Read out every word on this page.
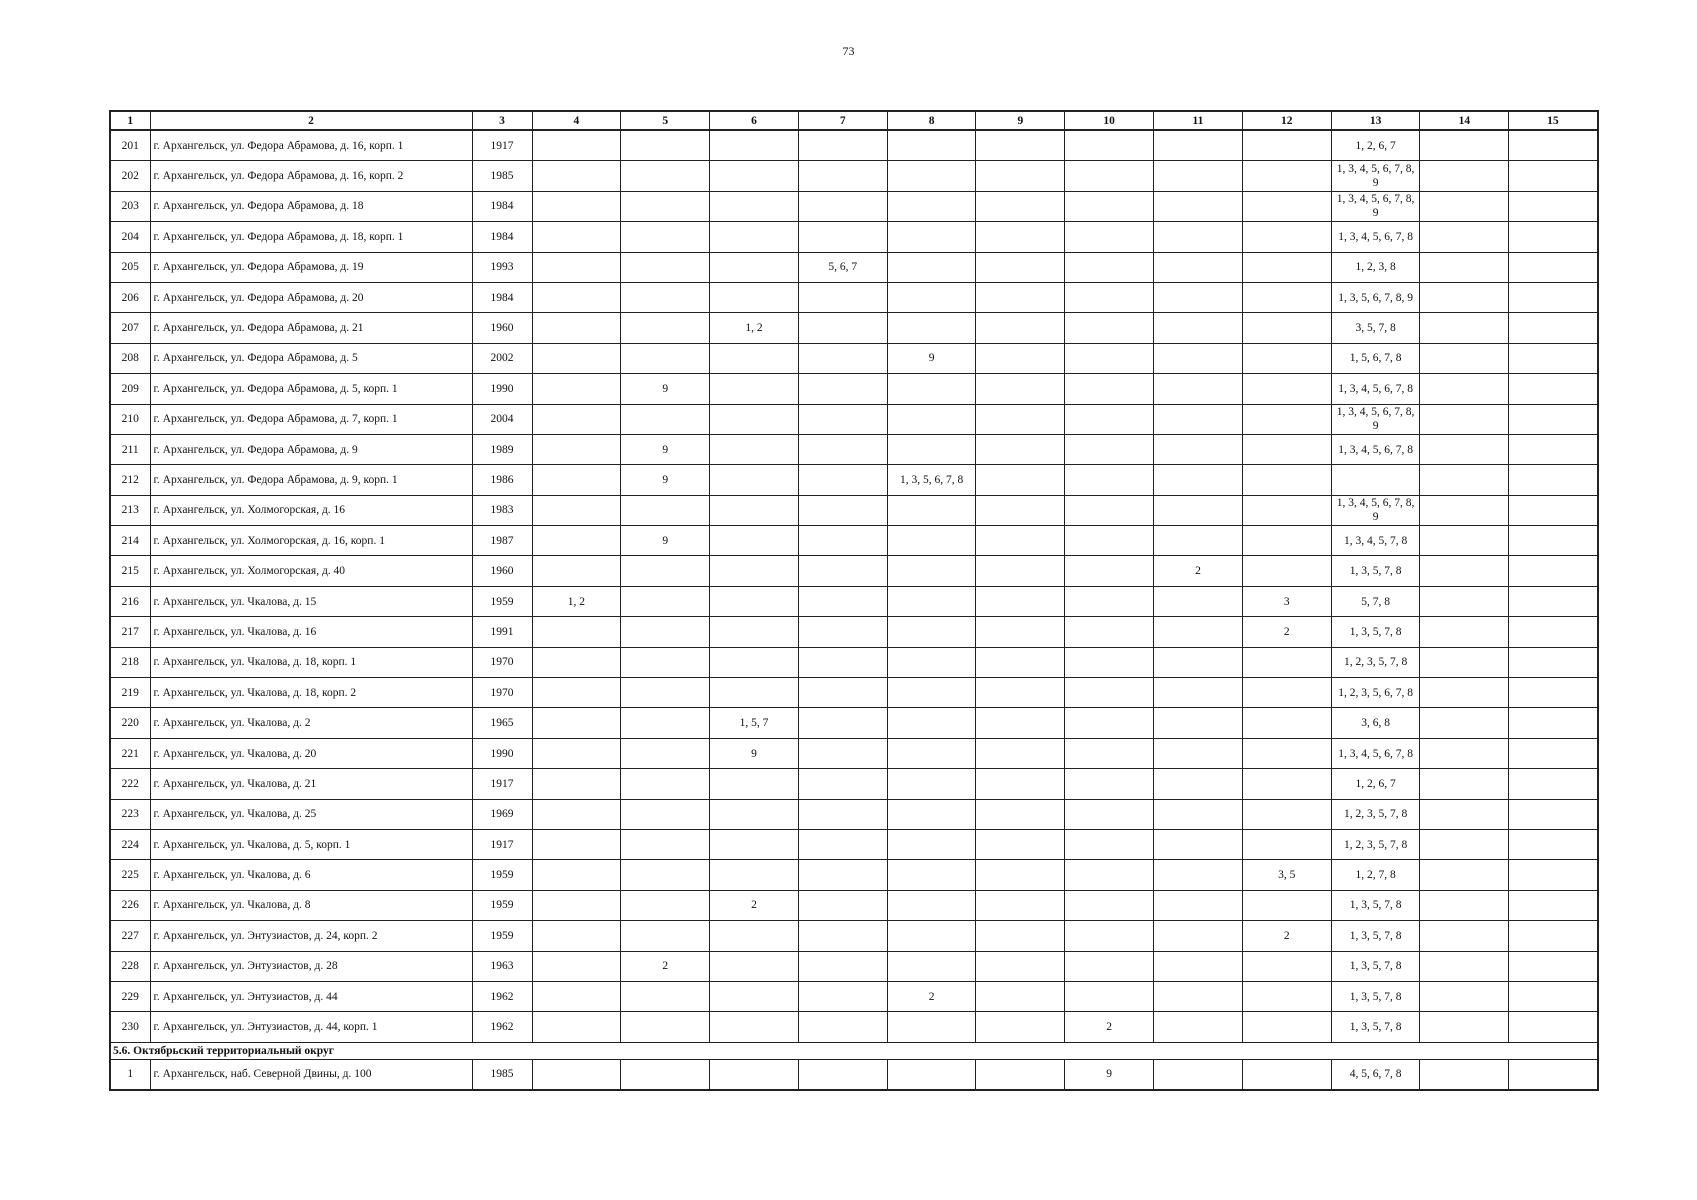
73
1	2	3	4	5	6	7	8	9	10	11	12	13	14	15
201	г. Архангельск, ул. Федора Абрамова, д. 16, корп. 1	1917										1, 2, 6, 7		
202	г. Архангельск, ул. Федора Абрамова, д. 16, корп. 2	1985										1, 3, 4, 5, 6, 7, 8, 9		
203	г. Архангельск, ул. Федора Абрамова, д. 18	1984										1, 3, 4, 5, 6, 7, 8, 9		
204	г. Архангельск, ул. Федора Абрамова, д. 18, корп. 1	1984										1, 3, 4, 5, 6, 7, 8		
205	г. Архангельск, ул. Федора Абрамова, д. 19	1993				5, 6, 7						1, 2, 3, 8		
206	г. Архангельск, ул. Федора Абрамова, д. 20	1984										1, 3, 5, 6, 7, 8, 9		
207	г. Архангельск, ул. Федора Абрамова, д. 21	1960			1, 2							3, 5, 7, 8		
208	г. Архангельск, ул. Федора Абрамова, д. 5	2002					9					1, 5, 6, 7, 8		
209	г. Архангельск, ул. Федора Абрамова, д. 5, корп. 1	1990		9								1, 3, 4, 5, 6, 7, 8		
210	г. Архангельск, ул. Федора Абрамова, д. 7, корп. 1	2004										1, 3, 4, 5, 6, 7, 8, 9		
211	г. Архангельск, ул. Федора Абрамова, д. 9	1989		9								1, 3, 4, 5, 6, 7, 8		
212	г. Архангельск, ул. Федора Абрамова, д. 9, корп. 1	1986		9			1, 3, 5, 6, 7, 8							
213	г. Архангельск, ул. Холмогорская, д. 16	1983										1, 3, 4, 5, 6, 7, 8, 9		
214	г. Архангельск, ул. Холмогорская, д. 16, корп. 1	1987		9								1, 3, 4, 5, 7, 8		
215	г. Архангельск, ул. Холмогорская, д. 40	1960								2		1, 3, 5, 7, 8		
216	г. Архангельск, ул. Чкалова, д. 15	1959	1, 2								3	5, 7, 8		
217	г. Архангельск, ул. Чкалова, д. 16	1991									2	1, 3, 5, 7, 8		
218	г. Архангельск, ул. Чкалова, д. 18, корп. 1	1970										1, 2, 3, 5, 7, 8		
219	г. Архангельск, ул. Чкалова, д. 18, корп. 2	1970										1, 2, 3, 5, 6, 7, 8		
220	г. Архангельск, ул. Чкалова, д. 2	1965			1, 5, 7							3, 6, 8		
221	г. Архангельск, ул. Чкалова, д. 20	1990			9							1, 3, 4, 5, 6, 7, 8		
222	г. Архангельск, ул. Чкалова, д. 21	1917										1, 2, 6, 7		
223	г. Архангельск, ул. Чкалова, д. 25	1969										1, 2, 3, 5, 7, 8		
224	г. Архангельск, ул. Чкалова, д. 5, корп. 1	1917										1, 2, 3, 5, 7, 8		
225	г. Архангельск, ул. Чкалова, д. 6	1959									3, 5	1, 2, 7, 8		
226	г. Архангельск, ул. Чкалова, д. 8	1959			2							1, 3, 5, 7, 8		
227	г. Архангельск, ул. Энтузиастов, д. 24, корп. 2	1959									2	1, 3, 5, 7, 8		
228	г. Архангельск, ул. Энтузиастов, д. 28	1963		2								1, 3, 5, 7, 8		
229	г. Архангельск, ул. Энтузиастов, д. 44	1962					2					1, 3, 5, 7, 8		
230	г. Архангельск, ул. Энтузиастов, д. 44, корп. 1	1962							2			1, 3, 5, 7, 8		
5.6. Октябрьский территориальный округ														
1	г. Архангельск, наб. Северной Двины, д. 100	1985							9			4, 5, 6, 7, 8		
